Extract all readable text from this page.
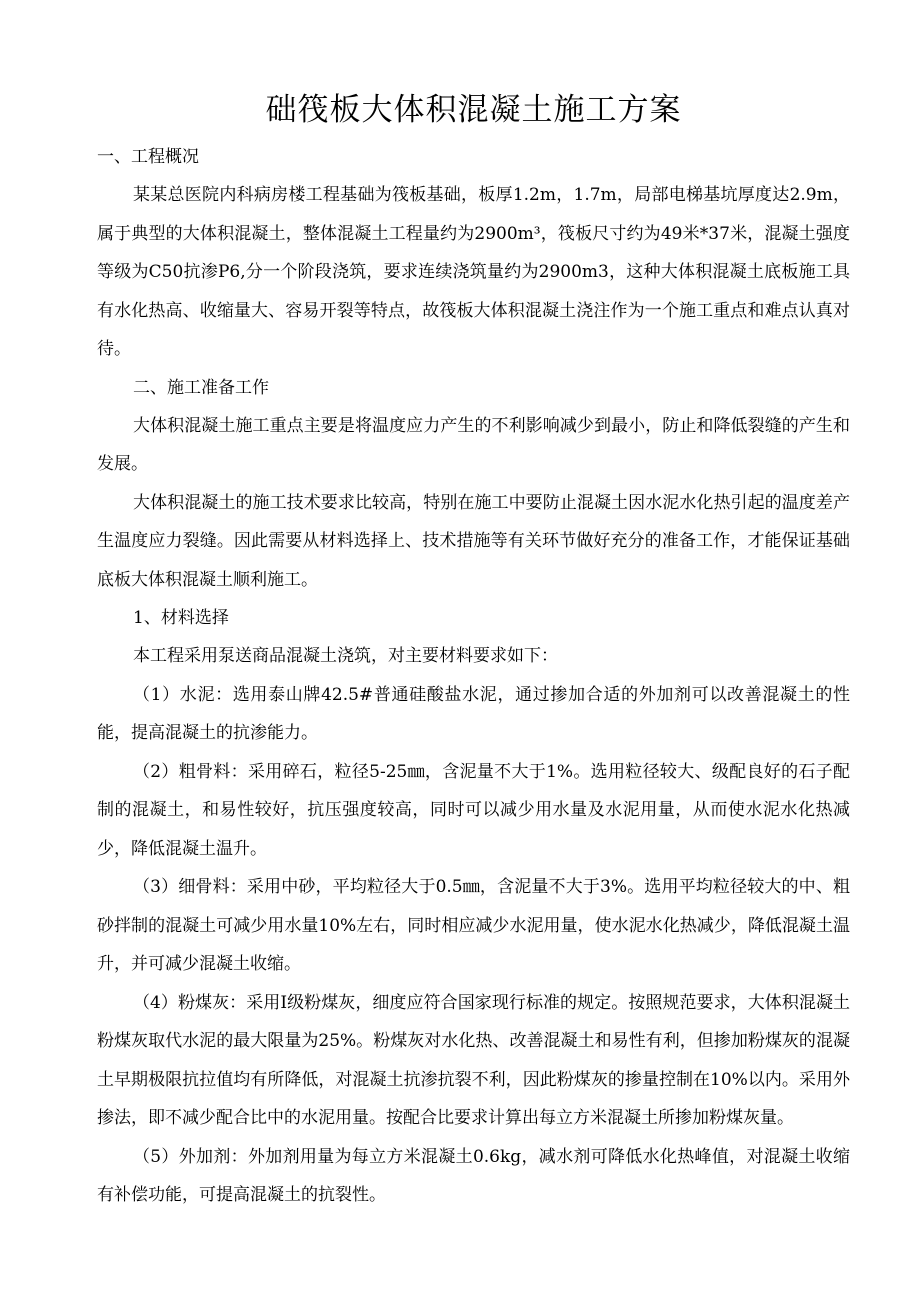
础筏板大体积混凝土施工方案

一、工程概况

某某总医院内科病房楼工程基础为筏板基础，板厚1.2m，1.7m，局部电梯基坑厚度达2.9m，属于典型的大体积混凝土，整体混凝土工程量约为2900m³，筏板尺寸约为49米*37米，混凝土强度等级为C50抗渗P6,分一个阶段浇筑，要求连续浇筑量约为2900m3，这种大体积混凝土底板施工具有水化热高、收缩量大、容易开裂等特点，故筏板大体积混凝土浇注作为一个施工重点和难点认真对待。

二、施工准备工作

大体积混凝土施工重点主要是将温度应力产生的不利影响减少到最小，防止和降低裂缝的产生和发展。

大体积混凝土的施工技术要求比较高，特别在施工中要防止混凝土因水泥水化热引起的温度差产生温度应力裂缝。因此需要从材料选择上、技术措施等有关环节做好充分的准备工作，才能保证基础底板大体积混凝土顺利施工。

1、材料选择

本工程采用泵送商品混凝土浇筑，对主要材料要求如下：

（1）水泥：选用泰山牌42.5#普通硅酸盐水泥，通过掺加合适的外加剂可以改善混凝土的性能，提高混凝土的抗渗能力。

（2）粗骨料：采用碎石，粒径5-25㎜，含泥量不大于1%。选用粒径较大、级配良好的石子配制的混凝土，和易性较好，抗压强度较高，同时可以减少用水量及水泥用量，从而使水泥水化热减少，降低混凝土温升。

（3）细骨料：采用中砂，平均粒径大于0.5㎜，含泥量不大于3%。选用平均粒径较大的中、粗砂拌制的混凝土可减少用水量10%左右，同时相应减少水泥用量，使水泥水化热减少，降低混凝土温升，并可减少混凝土收缩。

（4）粉煤灰：采用Ⅰ级粉煤灰，细度应符合国家现行标准的规定。按照规范要求，大体积混凝土粉煤灰取代水泥的最大限量为25%。粉煤灰对水化热、改善混凝土和易性有利，但掺加粉煤灰的混凝土早期极限抗拉值均有所降低，对混凝土抗渗抗裂不利，因此粉煤灰的掺量控制在10%以内。采用外掺法，即不减少配合比中的水泥用量。按配合比要求计算出每立方米混凝土所掺加粉煤灰量。

（5）外加剂：外加剂用量为每立方米混凝土0.6kg，减水剂可降低水化热峰值，对混凝土收缩有补偿功能，可提高混凝土的抗裂性。
